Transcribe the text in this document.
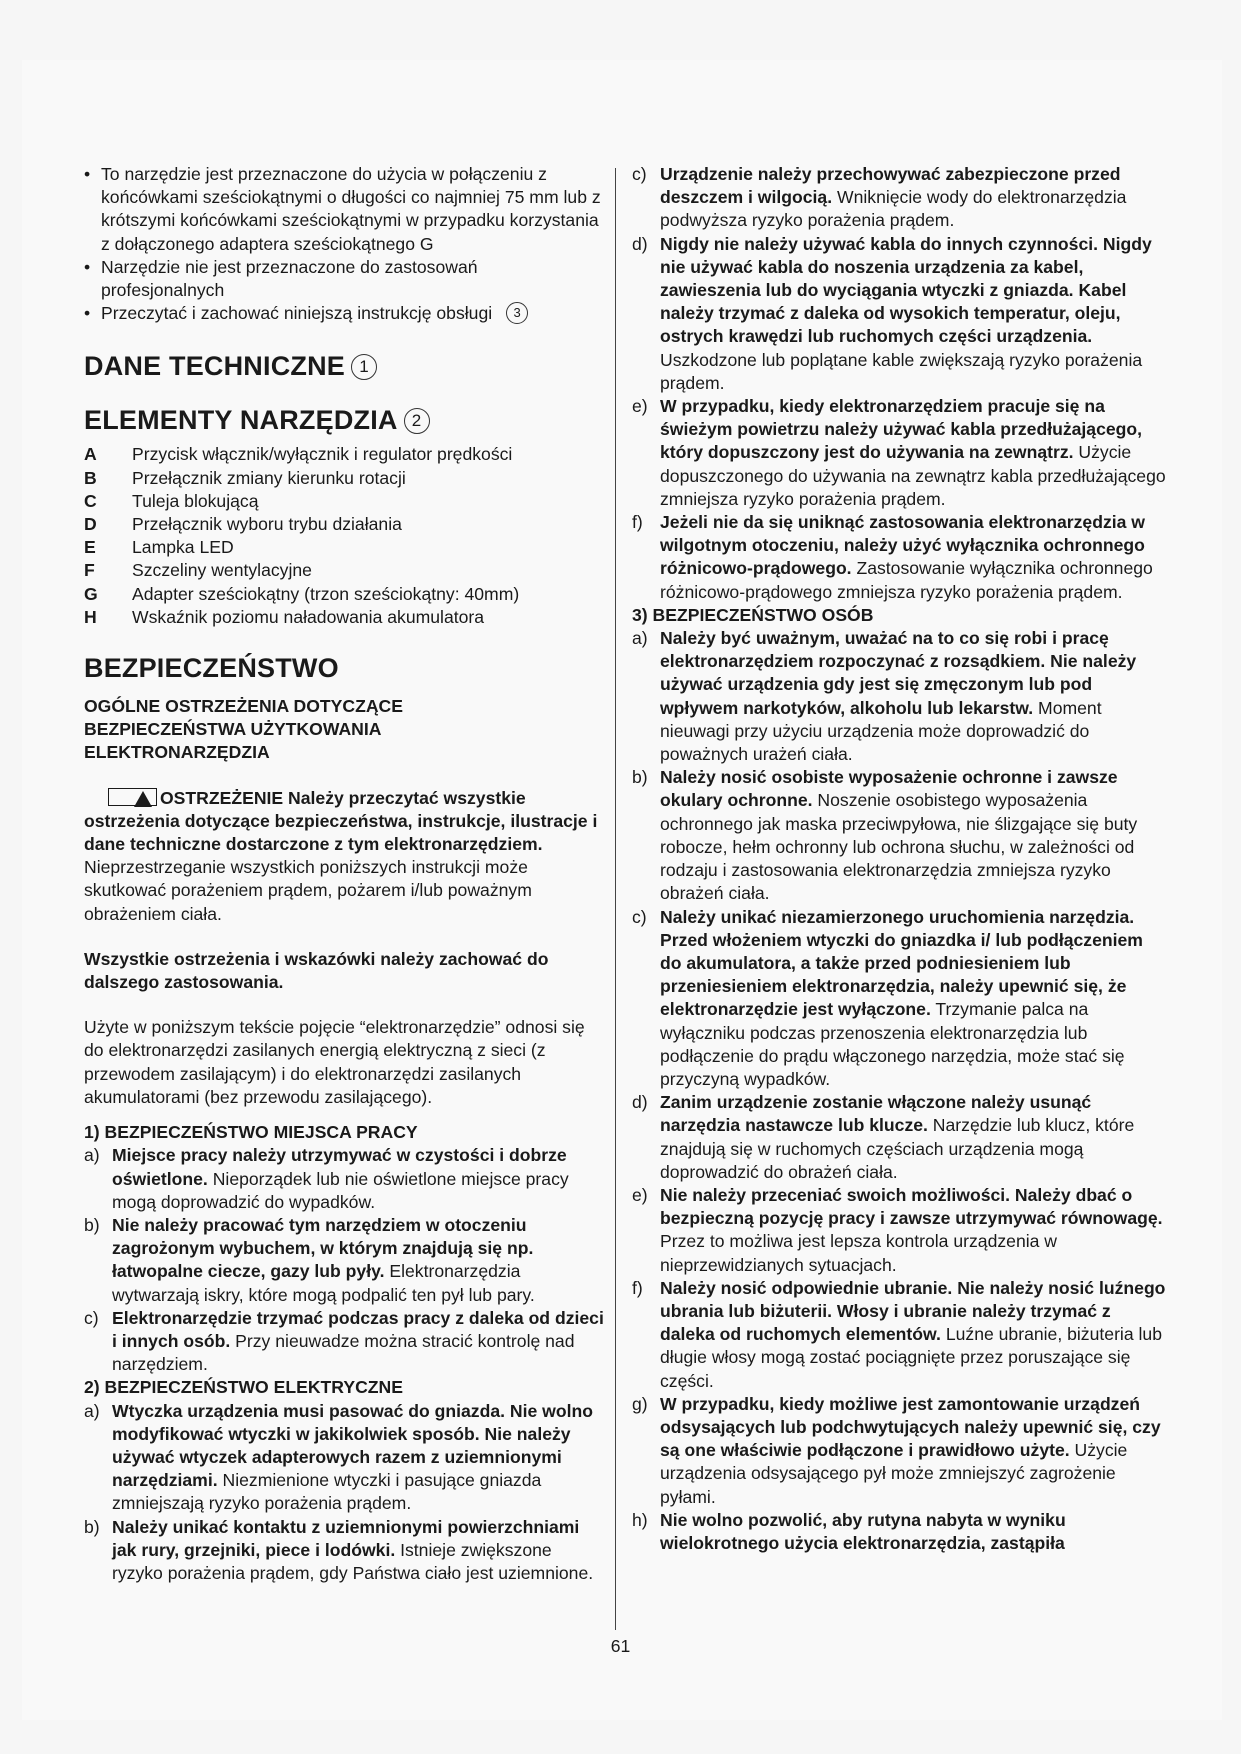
• To narzędzie jest przeznaczone do użycia w połączeniu z końcówkami sześciokątnymi o długości co najmniej 75 mm lub z krótszymi końcówkami sześciokątnymi w przypadku korzystania z dołączonego adaptera sześciokątnego G
• Narzędzie nie jest przeznaczone do zastosowań profesjonalnych
• Przeczytać i zachować niniejszą instrukcję obsługi 3
DANE TECHNICZNE 1
ELEMENTY NARZĘDZIA 2
A	Przycisk włącznik/wyłącznik i regulator prędkości
B	Przełącznik zmiany kierunku rotacji
C	Tuleja blokującą
D	Przełącznik wyboru trybu działania
E	Lampka LED
F	Szczeliny wentylacyjne
G	Adapter sześciokątny (trzon sześciokątny: 40mm)
H	Wskaźnik poziomu naładowania akumulatora
BEZPIECZEŃSTWO
OGÓLNE OSTRZEŻENIA DOTYCZĄCE
BEZPIECZEŃSTWA UŻYTKOWANIA
ELEKTRONARZĘDZIA
OSTRZEŻENIE Należy przeczytać wszystkie ostrzeżenia dotyczące bezpieczeństwa, instrukcje, ilustracje i dane techniczne dostarczone z tym elektronarzędziem. Nieprzestrzeganie wszystkich poniższych instrukcji może skutkować porażeniem prądem, pożarem i/lub poważnym obrażeniem ciała.
Wszystkie ostrzeżenia i wskazówki należy zachować do dalszego zastosowania.
Użyte w poniższym tekście pojęcie “elektronarzędzie” odnosi się do elektronarzędzi zasilanych energią elektryczną z sieci (z przewodem zasilającym) i do elektronarzędzi zasilanych akumulatorami (bez przewodu zasilającego).
1) BEZPIECZEŃSTWO MIEJSCA PRACY
a) Miejsce pracy należy utrzymywać w czystości i dobrze oświetlone. Nieporządek lub nie oświetlone miejsce pracy mogą doprowadzić do wypadków.
b) Nie należy pracować tym narzędziem w otoczeniu zagrożonym wybuchem, w którym znajdują się np. łatwopalne ciecze, gazy lub pyły. Elektronarzędzia wytwarzają iskry, które mogą podpalić ten pył lub pary.
c) Elektronarzędzie trzymać podczas pracy z daleka od dzieci i innych osób. Przy nieuwadze można stracić kontrolę nad narzędziem.
2) BEZPIECZEŃSTWO ELEKTRYCZNE
a) Wtyczka urządzenia musi pasować do gniazda. Nie wolno modyfikować wtyczki w jakikolwiek sposób. Nie należy używać wtyczek adapterowych razem z uziemnionymi narzędziami. Niezmienione wtyczki i pasujące gniazda zmniejszają ryzyko porażenia prądem.
b) Należy unikać kontaktu z uziemnionymi powierzchniami jak rury, grzejniki, piece i lodówki. Istnieje zwiększone ryzyko porażenia prądem, gdy Państwa ciało jest uziemnione.
c) Urządzenie należy przechowywać zabezpieczone przed deszczem i wilgocią. Wniknięcie wody do elektronarzędzia podwyższa ryzyko porażenia prądem.
d) Nigdy nie należy używać kabla do innych czynności. Nigdy nie używać kabla do noszenia urządzenia za kabel, zawieszenia lub do wyciągania wtyczki z gniazda. Kabel należy trzymać z daleka od wysokich temperatur, oleju, ostrych krawędzi lub ruchomych części urządzenia. Uszkodzone lub poplątane kable zwiększają ryzyko porażenia prądem.
e) W przypadku, kiedy elektronarzędziem pracuje się na świeżym powietrzu należy używać kabla przedłużającego, który dopuszczony jest do używania na zewnątrz. Użycie dopuszczonego do używania na zewnątrz kabla przedłużającego zmniejsza ryzyko porażenia prądem.
f) Jeżeli nie da się uniknąć zastosowania elektronarzędzia w wilgotnym otoczeniu, należy użyć wyłącznika ochronnego różnicowo-prądowego. Zastosowanie wyłącznika ochronnego różnicowo-prądowego zmniejsza ryzyko porażenia prądem.
3) BEZPIECZEŃSTWO OSÓB
a) Należy być uważnym, uważać na to co się robi i pracę elektronarzędziem rozpoczynać z rozsądkiem. Nie należy używać urządzenia gdy jest się zmęczonym lub pod wpływem narkotyków, alkoholu lub lekarstw. Moment nieuwagi przy użyciu urządzenia może doprowadzić do poważnych urażeń ciała.
b) Należy nosić osobiste wyposażenie ochronne i zawsze okulary ochronne. Noszenie osobistego wyposażenia ochronnego jak maska przeciwpyłowa, nie ślizgające się buty robocze, hełm ochronny lub ochrona słuchu, w zależności od rodzaju i zastosowania elektronarzędzia zmniejsza ryzyko obrażeń ciała.
c) Należy unikać niezamierzonego uruchomienia narzędzia. Przed włożeniem wtyczki do gniazdka i/ lub podłączeniem do akumulatora, a także przed podniesieniem lub przeniesieniem elektronarzędzia, należy upewnić się, że elektronarzędzie jest wyłączone. Trzymanie palca na wyłączniku podczas przenoszenia elektronarzędzia lub podłączenie do prądu włączonego narzędzia, może stać się przyczyną wypadków.
d) Zanim urządzenie zostanie włączone należy usunąć narzędzia nastawcze lub klucze. Narzędzie lub klucz, które znajdują się w ruchomych częściach urządzenia mogą doprowadzić do obrażeń ciała.
e) Nie należy przeceniać swoich możliwości. Należy dbać o bezpieczną pozycję pracy i zawsze utrzymywać równowagę. Przez to możliwa jest lepsza kontrola urządzenia w nieprzewidzianych sytuacjach.
f) Należy nosić odpowiednie ubranie. Nie należy nosić luźnego ubrania lub biżuterii. Włosy i ubranie należy trzymać z daleka od ruchomych elementów. Luźne ubranie, biżuteria lub długie włosy mogą zostać pociągnięte przez poruszające się części.
g) W przypadku, kiedy możliwe jest zamontowanie urządzeń odsysających lub podchwytujących należy upewnić się, czy są one właściwie podłączone i prawidłowo użyte. Użycie urządzenia odsysającego pył może zmniejszyć zagrożenie pyłami.
h) Nie wolno pozwolić, aby rutyna nabyta w wyniku wielokrotnego użycia elektronarzędzia, zastąpiła
61
